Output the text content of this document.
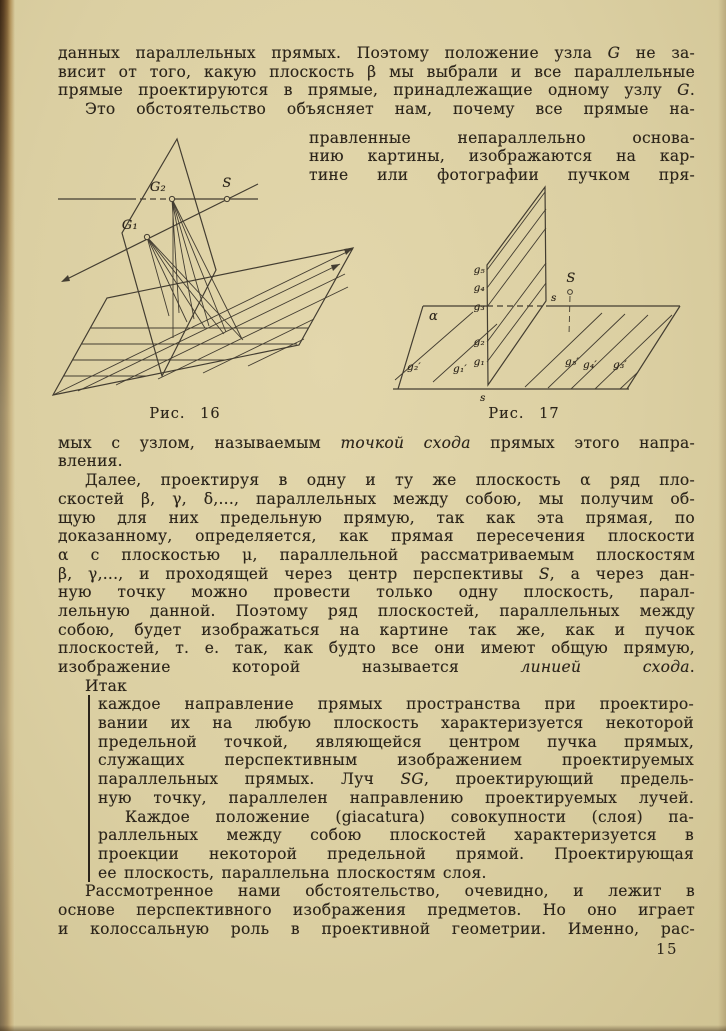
данных параллельных прямых. Поэтому положение узла G не за-
висит от того, какую плоскость β мы выбрали и все параллельные
прямые проектируются в прямые, принадлежащие одному узлу G.
Это обстоятельство объясняет нам, почему все прямые на-
правленные непараллельно основа-
нию картины, изображаются на кар-
тине или фотографии пучком пря-
G₁
G₂	S
α
S
s
s
g₅
g₄
g₃
g₂
g₁
g₂′	g₁′
g₅′ g₄′ g₃′
Рис. 16	Рис. 17
мых с узлом, называемым точкой схода прямых этого напра-
вления.
Далее, проектируя в одну и ту же плоскость α ряд пло-
скостей β, γ, δ,..., параллельных между собою, мы получим об-
щую для них предельную прямую, так как эта прямая, по
доказанному, определяется, как прямая пересечения плоскости
α с плоскостью μ, параллельной рассматриваемым плоскостям
β, γ,..., и проходящей через центр перспективы S, а через дан-
ную точку можно провести только одну плоскость, парал-
лельную данной. Поэтому ряд плоскостей, параллельных между
собою, будет изображаться на картине так же, как и пучок
плоскостей, т. е. так, как будто все они имеют общую прямую,
изображение которой называется линией схода.
Итак
каждое направление прямых пространства при проектиро-
вании их на любую плоскость характеризуется некоторой
предельной точкой, являющейся центром пучка прямых,
служащих перспективным изображением проектируемых
параллельных прямых. Луч SG, проектирующий предель-
ную точку, параллелен направлению проектируемых лучей.
Каждое положение (giacatura) совокупности (слоя) па-
раллельных между собою плоскостей характеризуется в
проекции некоторой предельной прямой. Проектирующая
ее плоскость, параллельна плоскостям слоя.
Рассмотренное нами обстоятельство, очевидно, и лежит в
основе перспективного изображения предметов. Но оно играет
и колоссальную роль в проективной геометрии. Именно, рас-
15
